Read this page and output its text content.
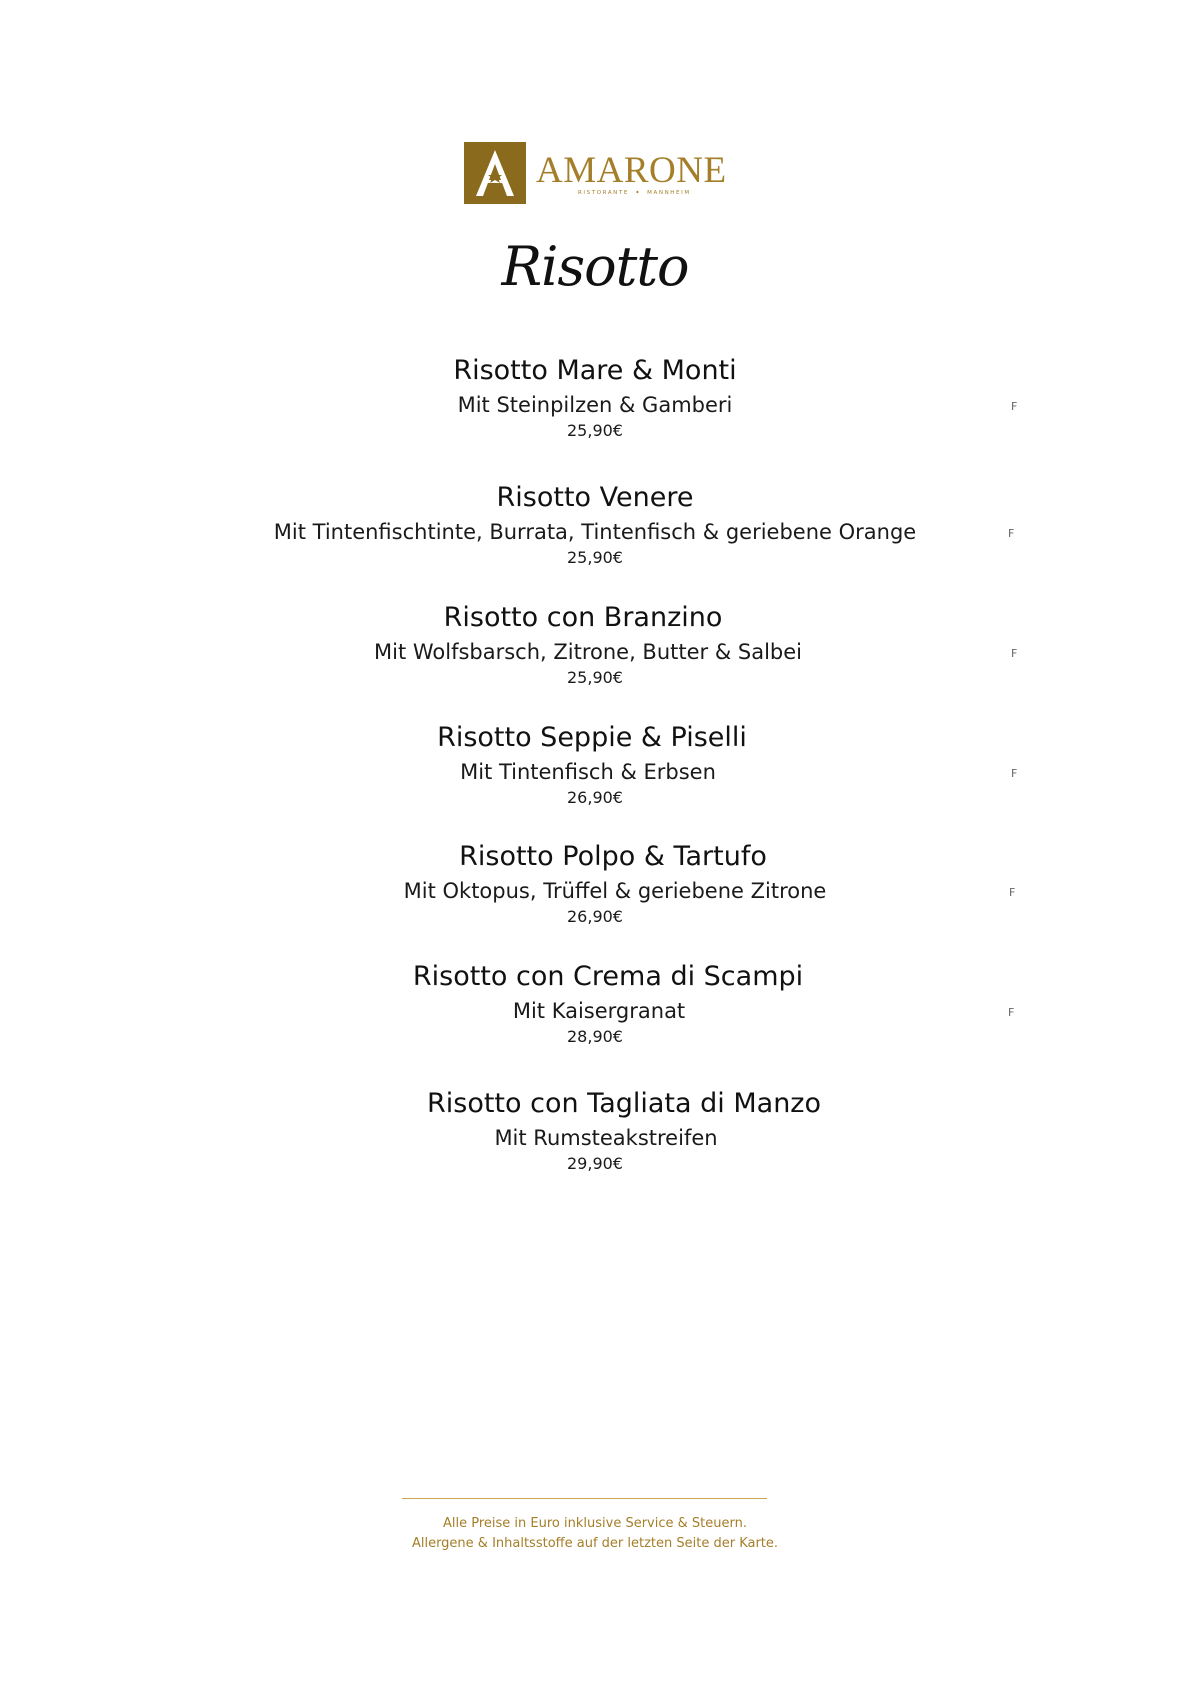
AMARONE
RISTORANTE ✦ MANNHEIM
Risotto
Risotto Mare & Monti
Mit Steinpilzen & Gamberi
25,90€
F
Risotto Venere
Mit Tintenfischtinte, Burrata, Tintenfisch & geriebene Orange
25,90€
F
Risotto con Branzino
Mit Wolfsbarsch, Zitrone, Butter & Salbei
25,90€
F
Risotto Seppie & Piselli
Mit Tintenfisch & Erbsen
26,90€
F
Risotto Polpo & Tartufo
Mit Oktopus, Trüffel & geriebene Zitrone
26,90€
F
Risotto con Crema di Scampi
Mit Kaisergranat
28,90€
F
Risotto con Tagliata di Manzo
Mit Rumsteakstreifen
29,90€
Alle Preise in Euro inklusive Service & Steuern.
Allergene & Inhaltsstoffe auf der letzten Seite der Karte.
